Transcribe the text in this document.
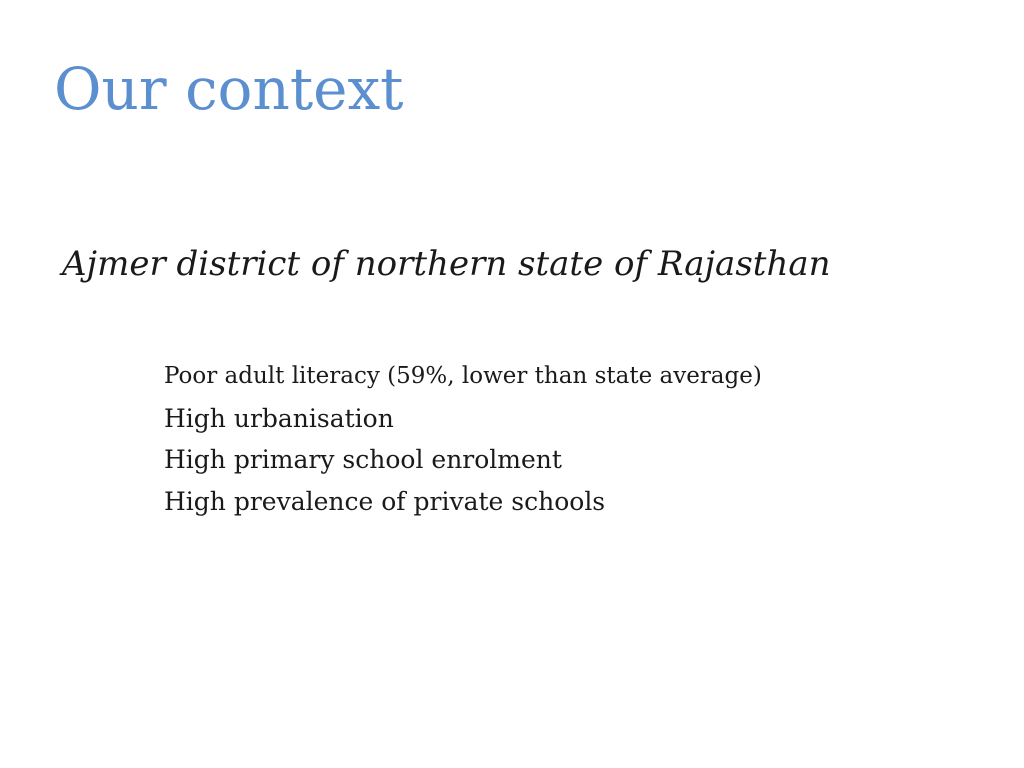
Our context
Ajmer district of northern state of Rajasthan
Poor adult literacy (59%, lower than state average)
High urbanisation
High primary school enrolment
High prevalence of private schools
